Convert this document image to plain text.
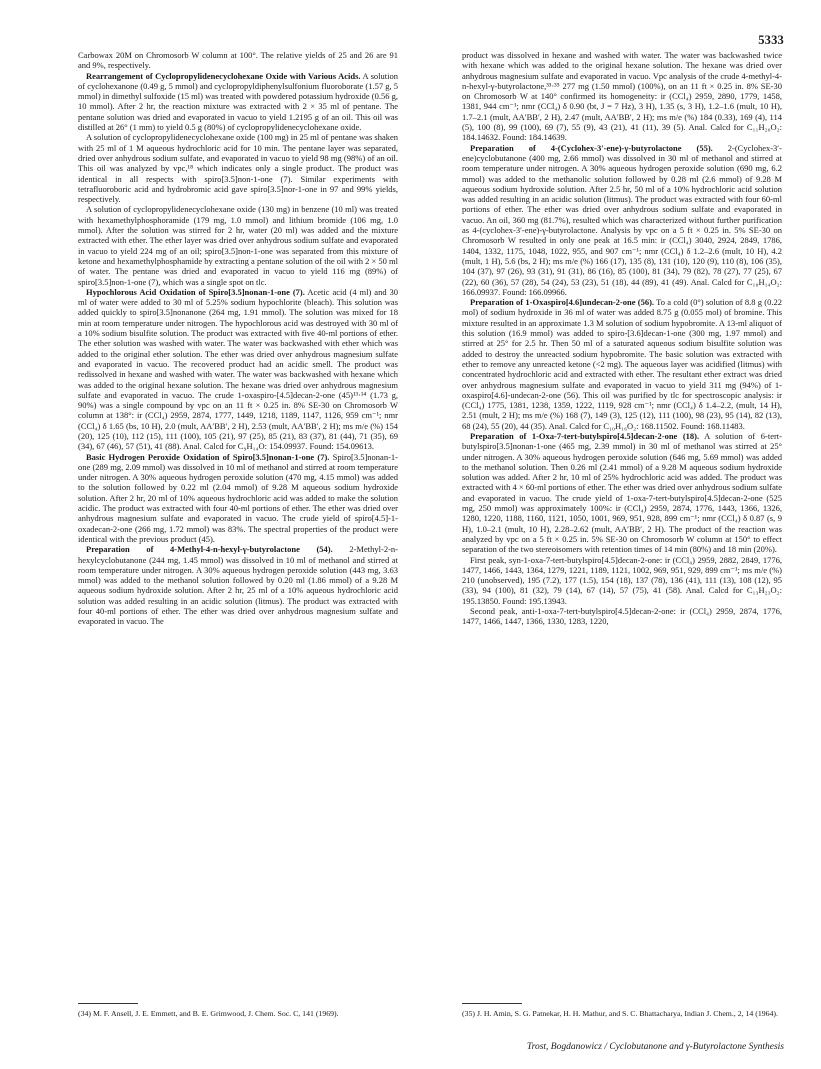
5333

Carbowax 20M on Chromosorb W column at 100°. The relative yields of 25 and 26 are 91 and 9%, respectively.

Rearrangement of Cyclopropylidenecyclohexane Oxide with Various Acids. A solution of cyclohexanone (0.49 g, 5 mmol) and cyclopropyldiphenylsulfonium fluoroborate (1.57 g, 5 mmol) in dimethyl sulfoxide (15 ml) was treated with powdered potassium hydroxide (0.56 g, 10 mmol). After 2 hr, the reaction mixture was extracted with 2 × 35 ml of pentane. The pentane solution was dried and evaporated in vacuo to yield 1.2195 g of an oil. This oil was distilled at 26° (1 mm) to yield 0.5 g (80%) of cyclopropylidenecyclohexane oxide.

A solution of cyclopropylidenecyclohexane oxide (100 mg) in 25 ml of pentane was shaken with 25 ml of 1 M aqueous hydrochloric acid for 10 min. The pentane layer was separated, dried over anhydrous sodium sulfate, and evaporated in vacuo to yield 98 mg (98%) of an oil. This oil was analyzed by vpc,¹⁸ which indicates only a single product. The product was identical in all respects with spiro[3.5]non-1-one (7). Similar experiments with tetrafluoroboric acid and hydrobromic acid gave spiro[3.5]nor-1-one in 97 and 99% yields, respectively.

A solution of cyclopropylidenecyclohexane oxide (130 mg) in benzene (10 ml) was treated with hexamethylphosphoramide (179 mg, 1.0 mmol) and lithium bromide (106 mg, 1.0 mmol). After the solution was stirred for 2 hr, water (20 ml) was added and the mixture extracted with ether. The ether layer was dried over anhydrous sodium sulfate and evaporated in vacuo to yield 224 mg of an oil; spiro[3.5]non-1-one was separated from this mixture of ketone and hexamethylphosphamide by extracting a pentane solution of the oil with 2 × 50 ml of water. The pentane was dried and evaporated in vacuo to yield 116 mg (89%) of spiro[3.5]non-1-one (7), which was a single spot on tlc.

Hypochlorous Acid Oxidation of Spiro[3.5]nonan-1-one (7). Acetic acid (4 ml) and 30 ml of water were added to 30 ml of 5.25% sodium hypochlorite (bleach). This solution was added quickly to spiro[3.5]nonanone (264 mg, 1.91 mmol). The solution was mixed for 18 min at room temperature under nitrogen. The hypochlorous acid was destroyed with 30 ml of a 10% sodium bisulfite solution. The product was extracted with five 40-ml portions of ether. The ether solution was washed with water. The water was backwashed with ether which was added to the original ether solution. The ether was dried over anhydrous magnesium sulfate and evaporated in vacuo. The recovered product had an acidic smell. The product was redissolved in hexane and washed with water. The water was backwashed with hexane which was added to the original hexane solution. The hexane was dried over anhydrous magnesium sulfate and evaporated in vacuo. The crude 1-oxaspiro-[4.5]decan-2-one (45)¹³·¹⁴ (1.73 g, 90%) was a single compound by vpc on an 11 ft × 0.25 in. 8% SE-30 on Chromosorb W column at 138°: ir (CCl₄) 2959, 2874, 1777, 1449, 1218, 1189, 1147, 1126, 959 cm⁻¹; nmr (CCl₄) δ 1.65 (bs, 10 H), 2.0 (mult, AA′BB′, 2 H), 2.53 (mult, AA′BB′, 2 H); ms m/e (%) 154 (20), 125 (10), 112 (15), 111 (100), 105 (21), 97 (25), 85 (21), 83 (37), 81 (44), 71 (35), 69 (34), 67 (46), 57 (51), 41 (88). Anal. Calcd for C₉H₁₄O: 154.09937. Found: 154.09613.

Basic Hydrogen Peroxide Oxidation of Spiro[3.5]nonan-1-one (7). Spiro[3.5]nonan-1-one (289 mg, 2.09 mmol) was dissolved in 10 ml of methanol and stirred at room temperature under nitrogen. A 30% aqueous hydrogen peroxide solution (470 mg, 4.15 mmol) was added to the solution followed by 0.22 ml (2.04 mmol) of 9.28 M aqueous sodium hydroxide solution. After 2 hr, 20 ml of 10% aqueous hydrochloric acid was added to make the solution acidic. The product was extracted with four 40-ml portions of ether. The ether was dried over anhydrous magnesium sulfate and evaporated in vacuo. The crude yield of spiro[4.5]-1-oxadecan-2-one (266 mg, 1.72 mmol) was 83%. The spectral properties of the product were identical with the previous product (45).

Preparation of 4-Methyl-4-n-hexyl-γ-butyrolactone (54). 2-Methyl-2-n-hexylcyclobutanone (244 mg, 1.45 mmol) was dissolved in 10 ml of methanol and stirred at room temperature under nitrogen. A 30% aqueous hydrogen peroxide solution (443 mg, 3.63 mmol) was added to the methanol solution followed by 0.20 ml (1.86 mmol) of a 9.28 M aqueous sodium hydroxide solution. After 2 hr, 25 ml of a 10% aqueous hydrochloric acid solution was added resulting in an acidic solution (litmus). The product was extracted with four 40-ml portions of ether. The ether was dried over anhydrous magnesium sulfate and evaporated in vacuo. The

product was dissolved in hexane and washed with water. The water was backwashed twice with hexane which was added to the original hexane solution. The hexane was dried over anhydrous magnesium sulfate and evaporated in vacuo. Vpc analysis of the crude 4-methyl-4-n-hexyl-γ-butyrolactone,³³·³⁵ 277 mg (1.50 mmol) (100%), on an 11 ft × 0.25 in. 8% SE-30 on Chromosorb W at 140° confirmed its homogeneity: ir (CCl₄) 2959, 2890, 1779, 1458, 1381, 944 cm⁻¹; nmr (CCl₄) δ 0.90 (bt, J = 7 Hz), 3 H), 1.35 (s, 3 H), 1.2–1.6 (mult, 10 H), 1.7–2.1 (mult, AA′BB′, 2 H), 2.47 (mult, AA′BB′, 2 H); ms m/e (%) 184 (0.33), 169 (4), 114 (5), 100 (8), 99 (100), 69 (7), 55 (9), 43 (21), 41 (11), 39 (5). Anal. Calcd for C₁₁H₂₀O₂: 184.14632. Found: 184.14639.

Preparation of 4-(Cyclohex-3′-ene)-γ-butyrolactone (55). 2-(Cyclohex-3′-ene)cyclobutanone (400 mg, 2.66 mmol) was dissolved in 30 ml of methanol and stirred at room temperature under nitrogen. A 30% aqueous hydrogen peroxide solution (690 mg, 6.2 mmol) was added to the methanolic solution followed by 0.28 ml (2.6 mmol) of 9.28 M aqueous sodium hydroxide solution. After 2.5 hr, 50 ml of a 10% hydrochloric acid solution was added resulting in an acidic solution (litmus). The product was extracted with four 60-ml portions of ether. The ether was dried over anhydrous sodium sulfate and evaporated in vacuo. An oil, 360 mg (81.7%), resulted which was characterized without further purification as 4-(cyclohex-3′-ene)-γ-butyrolactone. Analysis by vpc on a 5 ft × 0.25 in. 5% SE-30 on Chromosorb W resulted in only one peak at 16.5 min: ir (CCl₄) 3040, 2924, 2849, 1786, 1404, 1332, 1175, 1048, 1022, 955, and 907 cm⁻¹; nmr (CCl₄) δ 1.2–2.6 (mult, 10 H), 4.2 (mult, 1 H), 5.6 (bs, 2 H); ms m/e (%) 166 (17), 135 (8), 131 (10), 120 (9), 110 (8), 106 (35), 104 (37), 97 (26), 93 (31), 91 (31), 86 (16), 85 (100), 81 (34), 79 (82), 78 (27), 77 (25), 67 (22), 60 (36), 57 (28), 54 (24), 53 (23), 51 (18), 44 (89), 41 (49). Anal. Calcd for C₁₀H₁₄O₂: 166.09937. Found: 166.09966.

Preparation of 1-Oxaspiro[4.6]undecan-2-one (56). To a cold (0°) solution of 8.8 g (0.22 mol) of sodium hydroxide in 36 ml of water was added 8.75 g (0.055 mol) of bromine. This mixture resulted in an approximate 1.3 M solution of sodium hypobromite. A 13-ml aliquot of this solution (16.9 mmol) was added to spiro-[3.6]decan-1-one (300 mg, 1.97 mmol) and stirred at 25° for 2.5 hr. Then 50 ml of a saturated aqueous sodium bisulfite solution was added to destroy the unreacted sodium hypobromite. The basic solution was extracted with ether to remove any unreacted ketone (<2 mg). The aqueous layer was acidified (litmus) with concentrated hydrochloric acid and extracted with ether. The resultant ether extract was dried over anhydrous magnesium sulfate and evaporated in vacuo to yield 311 mg (94%) of 1-oxaspiro[4.6]-undecan-2-one (56). This oil was purified by tlc for spectroscopic analysis: ir (CCl₄) 1775, 1381, 1238, 1359, 1222, 1119, 928 cm⁻¹; nmr (CCl₄) δ 1.4–2.2, (mult, 14 H), 2.51 (mult, 2 H); ms m/e (%) 168 (7), 149 (3), 125 (12), 111 (100), 98 (23), 95 (14), 82 (13), 68 (24), 55 (20), 44 (35). Anal. Calcd for C₁₀H₁₆O₂: 168.11502. Found: 168.11483.

Preparation of 1-Oxa-7-tert-butylspiro[4.5]decan-2-one (18). A solution of 6-tert-butylspiro[3.5]nonan-1-one (465 mg, 2.39 mmol) in 30 ml of methanol was stirred at 25° under nitrogen. A 30% aqueous hydrogen peroxide solution (646 mg, 5.69 mmol) was added to the methanol solution. Then 0.26 ml (2.41 mmol) of a 9.28 M aqueous sodium hydroxide solution was added. After 2 hr, 10 ml of 25% hydrochloric acid was added. The product was extracted with 4 × 60-ml portions of ether. The ether was dried over anhydrous sodium sulfate and evaporated in vacuo. The crude yield of 1-oxa-7-tert-butylspiro[4.5]decan-2-one (525 mg, 250 mmol) was approximately 100%: ir (CCl₄) 2959, 2874, 1776, 1443, 1366, 1326, 1280, 1220, 1188, 1160, 1121, 1050, 1001, 969, 951, 928, 899 cm⁻¹; nmr (CCl₄) δ 0.87 (s, 9 H), 1.0–2.1 (mult, 10 H), 2.28–2.62 (mult, AA′BB′, 2 H). The product of the reaction was analyzed by vpc on a 5 ft × 0.25 in. 5% SE-30 on Chromosorb W column at 150° to effect separation of the two stereoisomers with retention times of 14 min (80%) and 18 min (20%).

First peak, syn-1-oxa-7-tert-butylspiro[4.5]decan-2-one: ir (CCl₄) 2959, 2882, 2849, 1776, 1477, 1466, 1443, 1364, 1279, 1221, 1189, 1121, 1002, 969, 951, 929, 899 cm⁻¹; ms m/e (%) 210 (unobserved), 195 (7.2), 177 (1.5), 154 (18), 137 (78), 136 (41), 111 (13), 108 (12), 95 (33), 94 (100), 81 (32), 79 (14), 67 (14), 57 (75), 41 (58). Anal. Calcd for C₁₃H₂₃O₂: 195.13850. Found: 195.13943.

Second peak, anti-1-oxa-7-tert-butylspiro[4.5]decan-2-one: ir (CCl₄) 2959, 2874, 1776, 1477, 1466, 1447, 1366, 1330, 1283, 1220,

(34) M. F. Ansell, J. E. Emmett, and B. E. Grimwood, J. Chem. Soc. C, 141 (1969).	(35) J. H. Amin, S. G. Patnekar, H. H. Mathur, and S. C. Bhattacharya, Indian J. Chem., 2, 14 (1964).
Trost, Bogdanowicz / Cyclobutanone and γ-Butyrolactone Synthesis
